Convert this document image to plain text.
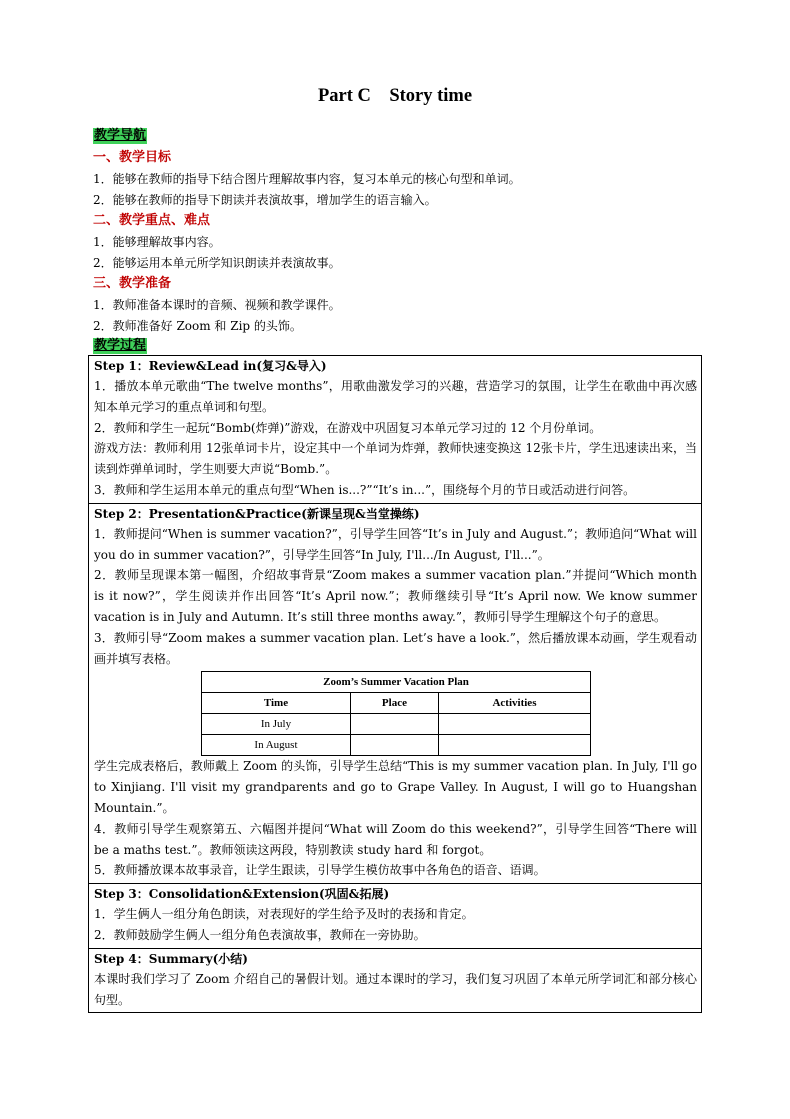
Part C    Story time
教学导航
一、教学目标
1．能够在教师的指导下结合图片理解故事内容，复习本单元的核心句型和单词。
2．能够在教师的指导下朗读并表演故事，增加学生的语言输入。
二、教学重点、难点
1．能够理解故事内容。
2．能够运用本单元所学知识朗读并表演故事。
三、教学准备
1．教师准备本课时的音频、视频和教学课件。
2．教师准备好 Zoom 和 Zip 的头饰。
教学过程
Step 1：Review&Lead in(复习&导入)

1．播放本单元歌曲“The twelve months”，用歌曲激发学习的兴趣，营造学习的氛围，让学生在歌曲中再次感知本单元学习的重点单词和句型。

2．教师和学生一起玩“Bomb(炸弹)”游戏，在游戏中巩固复习本单元学习过的 12 个月份单词。

游戏方法：教师利用 12张单词卡片，设定其中一个单词为炸弹，教师快速变换这 12张卡片，学生迅速读出来，当读到炸弹单词时，学生则要大声说“Bomb.”。

3．教师和学生运用本单元的重点句型“When is...?”“It’s in...”，围绕每个月的节日或活动进行问答。

Step 2：Presentation&Practice(新课呈现&当堂操练)

1．教师提问“When is summer vacation?”，引导学生回答“It’s in July and August.”；教师追问“What will you do in summer vacation?”，引导学生回答“In July, I'll.../In August, I'll...”。

2．教师呈现课本第一幅图，介绍故事背景“Zoom makes a summer vacation plan.”并提问“Which month is it now?”，学生阅读并作出回答“It’s April now.”；教师继续引导“It’s April now. We know summer vacation is in July and Autumn. It’s still three months away.”，教师引导学生理解这个句子的意思。

3．教师引导“Zoom makes a summer vacation plan. Let’s have a look.”，然后播放课本动画，学生观看动画并填写表格。

Zoom’s Summer Vacation Plan		
Time	Place	Activities
In July		
In August		

学生完成表格后，教师戴上 Zoom 的头饰，引导学生总结“This is my summer vacation plan. In July, I'll go to Xinjiang. I'll visit my grandparents and go to Grape Valley. In August, I will go to Huangshan Mountain.”。

4．教师引导学生观察第五、六幅图并提问“What will Zoom do this weekend?”，引导学生回答“There will be a maths test.”。教师领读这两段，特别教读 study hard 和 forgot。

5．教师播放课本故事录音，让学生跟读，引导学生模仿故事中各角色的语音、语调。

Step 3：Consolidation&Extension(巩固&拓展)

1．学生俩人一组分角色朗读，对表现好的学生给予及时的表扬和肯定。

2．教师鼓励学生俩人一组分角色表演故事，教师在一旁协助。

Step 4：Summary(小结)

本课时我们学习了 Zoom 介绍自己的暑假计划。通过本课时的学习，我们复习巩固了本单元所学词汇和部分核心句型。
